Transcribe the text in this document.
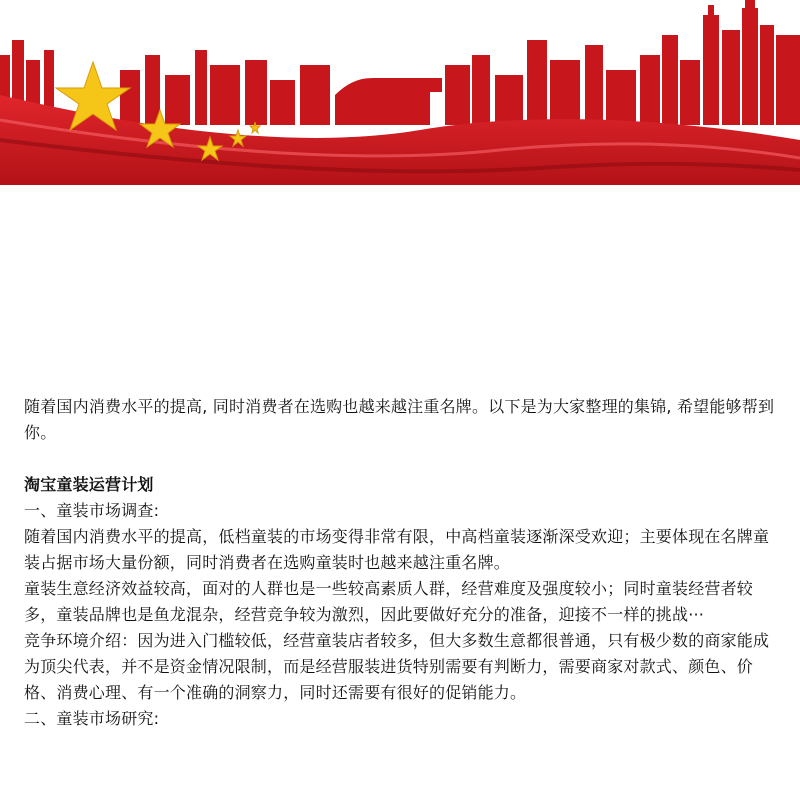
随着国内消费水平的提高, 同时消费者在选购也越来越注重名牌。以下是为大家整理的集锦, 希望能够帮到你。

淘宝童装运营计划

一、童装市场调查:

随着国内消费水平的提高，低档童装的市场变得非常有限，中高档童装逐渐深受欢迎；主要体现在名牌童装占据市场大量份额，同时消费者在选购童装时也越来越注重名牌。

童装生意经济效益较高，面对的人群也是一些较高素质人群，经营难度及强度较小；同时童装经营者较多，童装品牌也是鱼龙混杂，经营竞争较为激烈，因此要做好充分的准备，迎接不一样的挑战···

竞争环境介绍：因为进入门槛较低，经营童装店者较多，但大多数生意都很普通，只有极少数的商家能成为顶尖代表，并不是资金情况限制，而是经营服装进货特别需要有判断力，需要商家对款式、颜色、价格、消费心理、有一个准确的洞察力，同时还需要有很好的促销能力。

二、童装市场研究:
